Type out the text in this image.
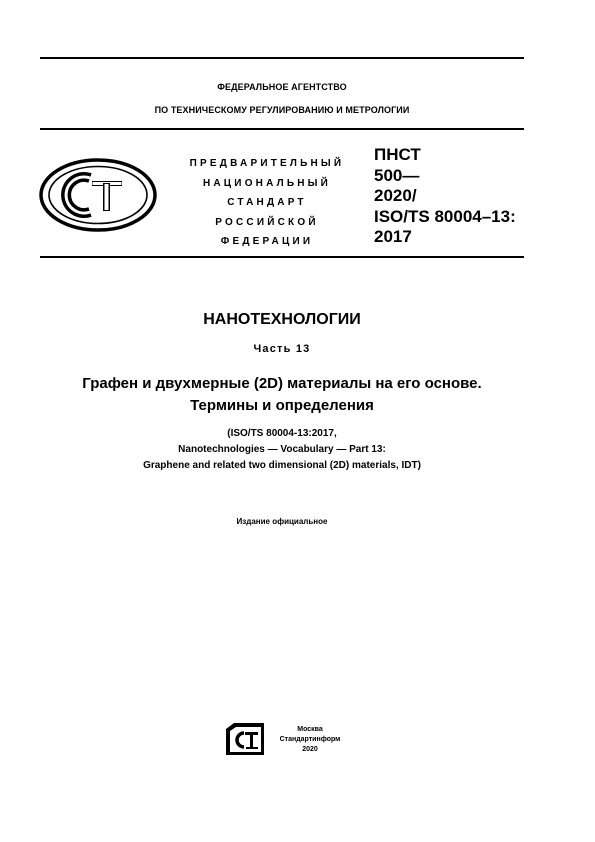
ФЕДЕРАЛЬНОЕ АГЕНТСТВО
ПО ТЕХНИЧЕСКОМУ РЕГУЛИРОВАНИЮ И МЕТРОЛОГИИ
ПРЕДВАРИТЕЛЬНЫЙ
НАЦИОНАЛЬНЫЙ
СТАНДАРТ
РОССИЙСКОЙ
ФЕДЕРАЦИИ
ПНСТ
500—
2020/
ISO/TS 80004–13:
2017
НАНОТЕХНОЛОГИИ
Часть 13
Графен и двухмерные (2D) материалы на его основе.
Термины и определения
(ISO/TS 80004-13:2017,
Nanotechnologies — Vocabulary — Part 13:
Graphene and related two dimensional (2D) materials, IDT)
Издание официальное
Москва
Стандартинформ
2020
